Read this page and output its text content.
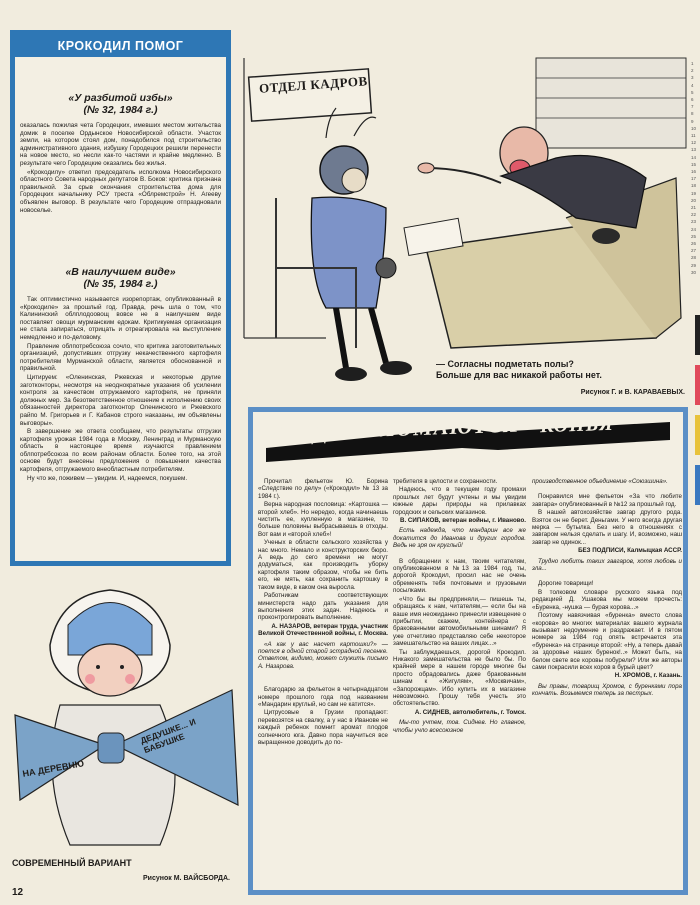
КРОКОДИЛ ПОМОГ
«У разбитой избы»
(№ 32, 1984 г.)

оказалась пожилая чета Городецких, имевших местом жительства домик в поселке Ордынское Новосибирской области. Участок земли, на котором стоял дом, понадобился под строительство административного здания, избушку Городецких решили перенести на новое место, но несли как-то частями и крайне медленно. В результате чего Городецкие оказались без жилья.

«Крокодилу» ответил председатель исполкома Новосибирского областного Совета народных депутатов В. Боков: критика признана правильной. За срыв окончания строительства дома для Городецких начальнику РСУ треста «Облремстрой» Н. Агееву объявлен выговор. В результате чего Городецкие отпраздновали новоселье.

«В наилучшем виде»
(№ 35, 1984 г.)

Так оптимистично называется изорепортаж, опубликованный в «Крокодиле» за прошлый год. Правда, речь шла о том, что Калининский облплодоовощ вовсе не в наилучшем виде поставляет овощи мурманским едокам. Критикуемая организация не стала запираться, отрицать и отреагировала на выступление немедленно и по-деловому.

Правление облпотребсоюза сочло, что критика заготовительных организаций, допустивших отгрузку некачественного картофеля потребителям Мурманской области, является обоснованной и правильной.

Цитируем: «Оленинская, Ржевская и некоторые другие заготконторы, несмотря на неоднократные указания об усилении контроля за качеством отгружаемого картофеля, не приняли должных мер. За безответственное отношение к исполнению своих обязанностей директора заготконтор Оленинского и Ржевского райпо М. Григорьев и Г. Кабанов строго наказаны, им объявлены выговоры».

В завершение же ответа сообщаем, что результаты отгрузки картофеля урожая 1984 года в Москву, Ленинград и Мурманскую область в настоящее время изучаются правлением облпотребсоюза по всем районам области. Более того, на этой основе будут внесены предложения о повышении качества картофеля, отгружаемого внеобластным потребителям.

Ну что же, поживем — увидим. И, надеемся, покушем.

ОТДЕЛ КАДРОВ
— Согласны подметать полы?
Больше для вас никакой работы нет.
Рисунок Г. и В. КАРАВАЕВЫХ.
НА ДЕРЕВНЮ
ДЕДУШКЕ... И БАБУШКЕ
СОВРЕМЕННЫЙ ВАРИАНТ
Рисунок М. ВАЙСБОРДА.
12
КОГДА ЛОМАЮТСЯ КОПЬЯ

Прочитал фельетон Ю. Борина «Следствие по делу» («Крокодил» № 13 за 1984 г.).

Верна народная пословица: «Картошка — второй хлеб». Но нередко, когда начинаешь чистить ее, купленную в магазине, то больше половины выбрасываешь в отходы. Вот вам и «второй хлеб»!

Ученых в области сельского хозяйства у нас много. Немало и конструкторских бюро. А ведь до сего времени не могут додуматься, как производить уборку картофеля таким образом, чтобы не бить его, не мять, как сохранить картошку в таком виде, в каком она выросла.

Работникам соответствующих министерств надо дать указания для выполнения этих задач. Надеюсь и проконтролировать выполнение.

А. НАЗАРОВ, ветеран труда, участник Великой Отечественной войны, г. Москва.

«А как у вас насчет картошки?» — поется в одной старой эстрадной песенке. Ответом, видимо, может служить письмо А. Назарова.

Благодарю за фельетон в четырнадцатом номере прошлого года под названием «Мандарин круглый, но сам не катится».

Цитрусовые в Грузии пропадают: перевозятся на свалку, а у нас в Иванове не каждый ребенок помнит аромат плодов солнечного юга. Давно пора научиться все выращенное доводить до по-

требителя в целости и сохранности.

Надеюсь, что в текущем году промахи прошлых лет будут учтены и мы увидим южные дары природы на прилавках городских и сельских магазинов.

В. СИПАКОВ, ветеран войны, г. Иваново.

Есть надежда, что мандарин все же докатится до Иванова и других городов. Ведь не зря он круглый!

В обращении к нам, твоим читателям, опубликованном в №13 за 1984 год, ты, дорогой Крокодил, просил нас не очень обременять тебя почтовыми и грузовыми посылками.

«Что бы вы предприняли,— пишешь ты, обращаясь к нам, читателям,— если бы на ваше имя неожиданно принесли извещение о прибытии, скажем, контейнера с бракованными автомобильными шинами? Я уже отчетливо представляю себе некоторое замешательство на ваших лицах...»

Ты заблуждаешься, дорогой Крокодил. Никакого замешательства не было бы. По крайней мере в нашем городе многие бы просто обрадовались даже бракованным шинам к «Жигулям», «Москвичам», «Запорожцам». Ибо купить их в магазине невозможно. Прошу тебя учесть это обстоятельство.

А. СИДНЕВ, автолюбитель, г. Томск.

Мы-то учтем, тов. Сиднев. Но главное, чтобы учло всесоюзное

производственное объединение «Союзшина».

Понравился мне фельетон «За что любите завгара» опубликованный в №12 за прошлый год.

В нашей автохозяйстве завгар другого рода. Взяток он не берет. Деньгами. У него всегда другая мерка — бутылка. Без него в отношениях с завгаром нельзя сделать и шагу. И, возможно, наш завгар не одинок...

БЕЗ ПОДПИСИ, Калмыцкая АССР.

Трудно любить таких завгаров, хотя любовь и зла...

Дорогие товарищи!

В толковом словаре русского языка под редакцией Д. Ушакова мы можем прочесть: «Буренка, -нушка — бурая корова...»

Поэтому навязчивая «буренка» вместо слова «корова» во многих материалах вашего журнала вызывает недоумение и раздражает. И в пятом номере за 1984 год опять встречается эта «буренка» на странице второй: «Ну, а теперь давай за здоровье наших буренок!..» Может быть, на белом свете все коровы побурели? Или же авторы сами покрасили всех коров в бурый цвет?

Н. ХРОМОВ, г. Казань.

Вы правы, товарищ Хромов, с буренками пора кончать. Возьмемся теперь за пестрых.

1
2
3
4
5
6
7
8
9
10
11
12
13
14
15
16
17
18
19
20
21
22
23
24
25
26
27
28
29
30
